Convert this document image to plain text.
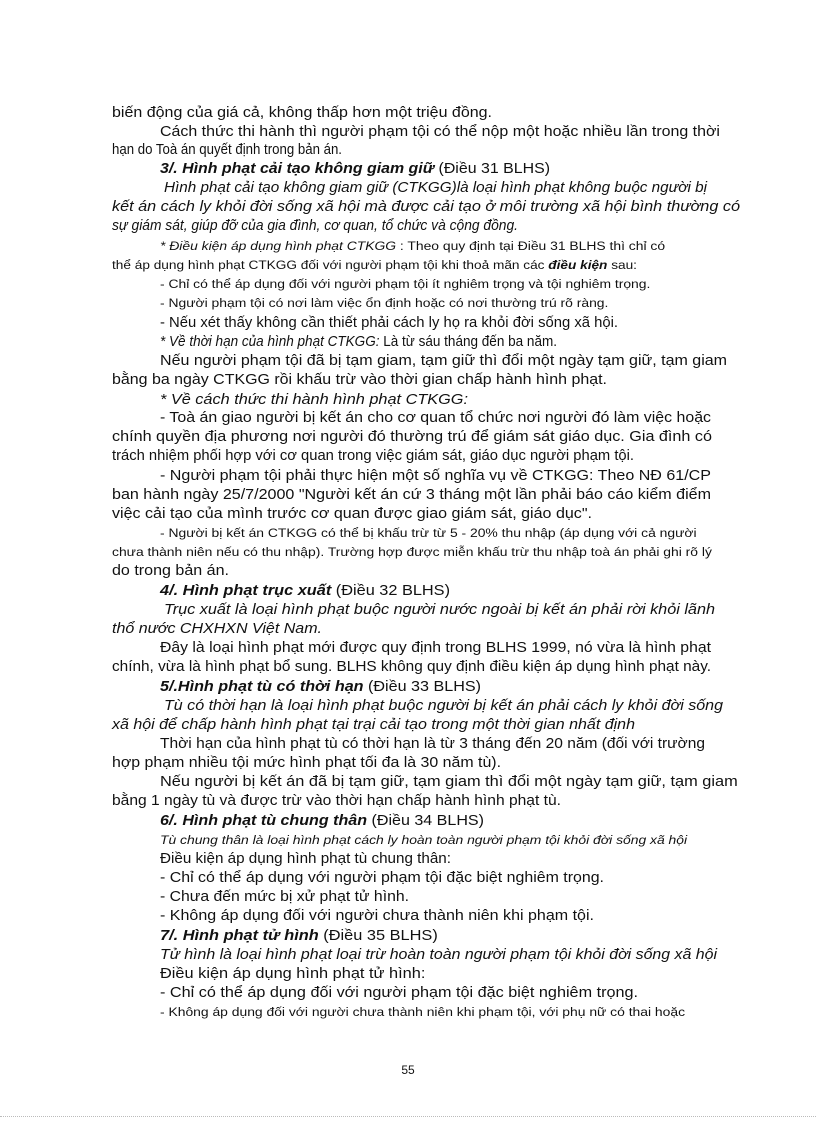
biến động của giá cả, không thấp hơn một triệu đồng.
Cách thức thi hành thì người phạm tội có thể nộp một hoặc nhiều lần trong thời
hạn do Toà án quyết định trong bản án.
3/. Hình phạt cải tạo không giam giữ (Điều 31 BLHS)
Hình phạt cải tạo không giam giữ (CTKGG)là loại hình phạt không buộc người bị
kết án cách ly khỏi đời sống xã hội mà được cải tạo ở môi trường xã hội bình thường có
sự giám sát, giúp đỡ của gia đình, cơ quan, tổ chức và cộng đồng.
* Điều kiện áp dụng hình phạt CTKGG : Theo quy định tại Điều 31 BLHS thì chỉ có
thể áp dụng hình phạt CTKGG đối với người phạm tội khi thoả mãn các điều kiện sau:
- Chỉ có thể áp dụng đối với người phạm tội ít nghiêm trọng và tội nghiêm trọng.
- Người phạm tội có nơi làm việc ổn định hoặc có nơi thường trú rõ ràng.
- Nếu xét thấy không cần thiết phải cách ly họ ra khỏi đời sống xã hội.
* Về thời hạn của hình phạt CTKGG: Là từ sáu tháng đến ba năm.
Nếu người phạm tội đã bị tạm giam, tạm giữ thì đổi một ngày tạm giữ, tạm giam
bằng ba ngày CTKGG rồi khấu trừ vào thời gian chấp hành hình phạt.
* Về cách thức thi hành hình phạt CTKGG:
- Toà án giao người bị kết án cho cơ quan tổ chức nơi người đó làm việc hoặc
chính quyền địa phương nơi người đó thường trú để giám sát giáo dục. Gia đình có
trách nhiệm phối hợp với cơ quan trong việc giám sát, giáo dục người phạm tội.
- Người phạm tội phải thực hiện một số nghĩa vụ về CTKGG: Theo NĐ 61/CP
ban hành ngày 25/7/2000 "Người kết án cứ 3 tháng một lần phải báo cáo kiểm điểm
việc cải tạo của mình trước cơ quan được giao giám sát, giáo dục".
- Người bị kết án CTKGG có thể bị khấu trừ từ 5 - 20% thu nhập (áp dụng với cả người
chưa thành niên nếu có thu nhập). Trường hợp được miễn khấu trừ thu nhập toà án phải ghi rõ lý
do trong bản án.
4/. Hình phạt trục xuất (Điều 32 BLHS)
Trục xuất là loại hình phạt buộc người nước ngoài bị kết án phải rời khỏi lãnh
thổ nước CHXHXN Việt Nam.
Đây là loại hình phạt mới được quy định trong BLHS 1999, nó vừa là hình phạt
chính, vừa là hình phạt bổ sung. BLHS không quy định điều kiện áp dụng hình phạt này.
5/.Hình phạt tù có thời hạn (Điều 33 BLHS)
Tù có thời hạn là loại hình phạt buộc người bị kết án phải cách ly khỏi đời sống
xã hội để chấp hành hình phạt tại trại cải tạo trong một thời gian nhất định
Thời hạn của hình phạt tù có thời hạn là từ 3 tháng đến 20 năm (đối với trường
hợp phạm nhiều tội mức hình phạt tối đa là 30 năm tù).
Nếu người bị kết án đã bị tạm giữ, tạm giam thì đổi một ngày tạm giữ, tạm giam
bằng 1 ngày tù và được trừ vào thời hạn chấp hành hình phạt tù.
6/. Hình phạt tù chung thân (Điều 34 BLHS)
Tù chung thân là loại hình phạt cách ly hoàn toàn người phạm tội khỏi đời sống xã hội
Điều kiện áp dụng hình phạt tù chung thân:
- Chỉ có thể áp dụng với người phạm tội đặc biệt nghiêm trọng.
- Chưa đến mức bị xử phạt tử hình.
- Không áp dụng đối với người chưa thành niên khi phạm tội.
7/. Hình phạt tử hình (Điều 35 BLHS)
Tử hình là loại hình phạt loại trừ hoàn toàn người phạm tội khỏi đời sống xã hội
Điều kiện áp dụng hình phạt tử hình:
- Chỉ có thể áp dụng đối với người phạm tội đặc biệt nghiêm trọng.
- Không áp dụng đối với người chưa thành niên khi phạm tội, với phụ nữ có thai hoặc
55
